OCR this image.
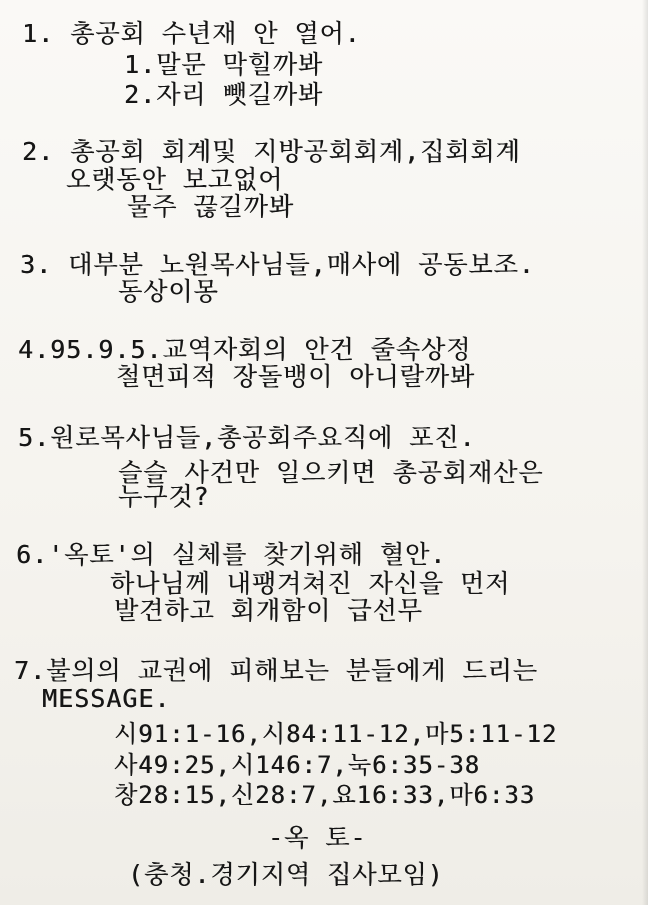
1. 총공회 수년재 안 열어.
1.말문 막힐까봐
2.자리 뺏길까봐
2. 총공회 회계및 지방공회회계,집회회계
오랫동안 보고없어
물주 끊길까봐
3. 대부분 노원목사님들,매사에 공동보조.
동상이몽
4.95.9.5.교역자회의 안건 줄속상정
철면피적 장돌뱅이 아니랄까봐
5.원로목사님들,총공회주요직에 포진.
슬슬 사건만 일으키면 총공회재산은
누구것?
6.'옥토'의 실체를 찾기위해 혈안.
하나님께 내팽겨쳐진 자신을 먼저
발견하고 회개함이 급선무
7.불의의 교권에 피해보는 분들에게 드리는
MESSAGE.
시91:1-16,시84:11-12,마5:11-12
사49:25,시146:7,눅6:35-38
창28:15,신28:7,요16:33,마6:33
-옥 토-
(충청.경기지역 집사모임)
